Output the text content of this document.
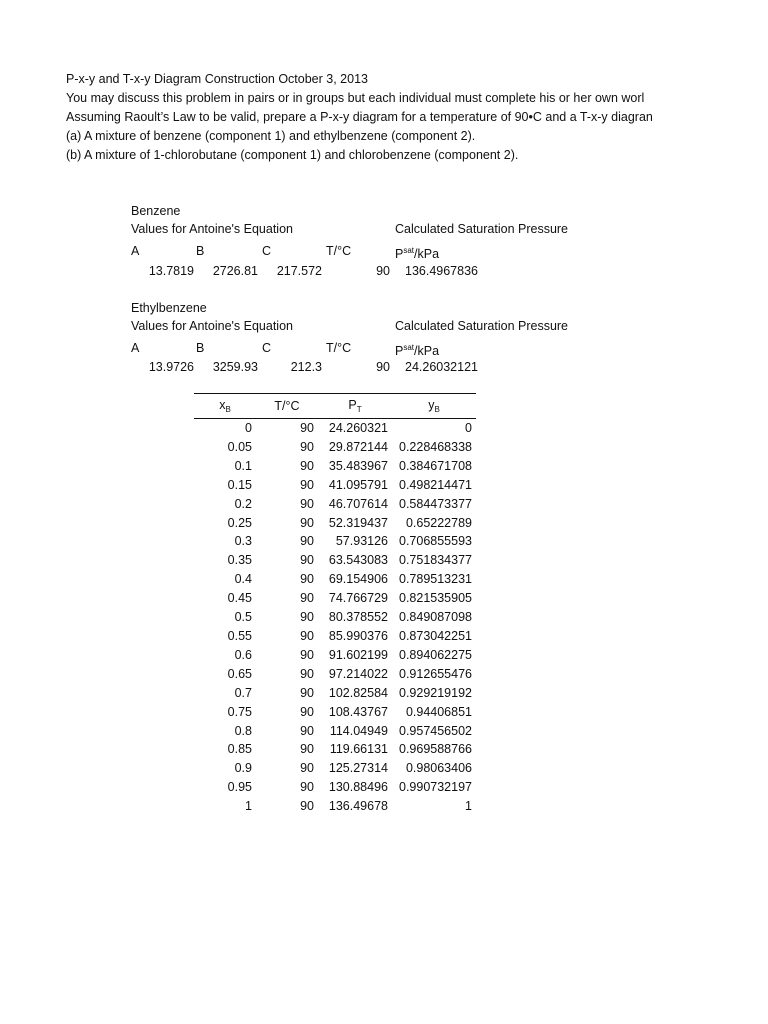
P-x-y and T-x-y Diagram Construction October 3, 2013
You may discuss this problem in pairs or in groups but each individual must complete his or her own worl
Assuming Raoult’s Law to be valid, prepare a P-x-y diagram for a temperature of 90•C and a T-x-y diagran
(a) A mixture of benzene (component 1) and ethylbenzene (component 2).
(b) A mixture of 1-chlorobutane (component 1) and chlorobenzene (component 2).
Benzene
Values for Antoine's Equation	Calculated Saturation Pressure
A	B	C	T/°C	$P^{sat}$/kPa
13.7819	2726.81	217.572	90	136.4967836
Ethylbenzene
Values for Antoine's Equation	Calculated Saturation Pressure
A	B	C	T/°C	$P^{sat}$/kPa
13.9726	3259.93	212.3	90	24.26032121
$x_B$	T/°C	$P_T$	$y_B$
0	90	24.260321	0
0.05	90	29.872144	0.228468338
0.1	90	35.483967	0.384671708
0.15	90	41.095791	0.498214471
0.2	90	46.707614	0.584473377
0.25	90	52.319437	0.65222789
0.3	90	57.93126	0.706855593
0.35	90	63.543083	0.751834377
0.4	90	69.154906	0.789513231
0.45	90	74.766729	0.821535905
0.5	90	80.378552	0.849087098
0.55	90	85.990376	0.873042251
0.6	90	91.602199	0.894062275
0.65	90	97.214022	0.912655476
0.7	90	102.82584	0.929219192
0.75	90	108.43767	0.94406851
0.8	90	114.04949	0.957456502
0.85	90	119.66131	0.969588766
0.9	90	125.27314	0.98063406
0.95	90	130.88496	0.990732197
1	90	136.49678	1
